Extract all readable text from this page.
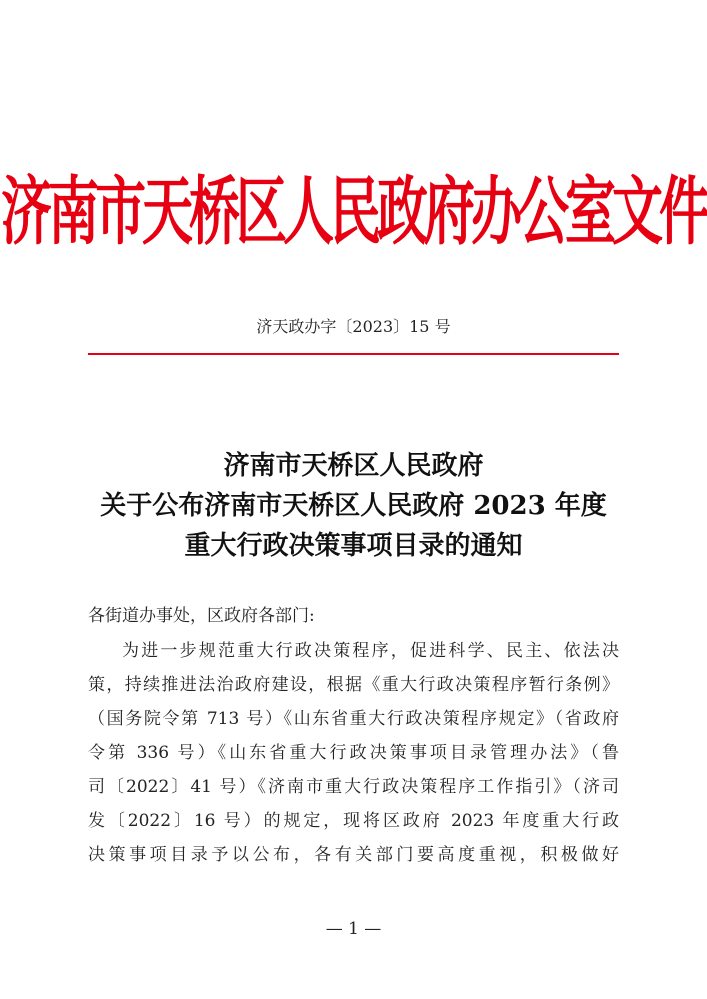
济南市天桥区人民政府办公室文件
济天政办字〔2023〕15 号
济南市天桥区人民政府
关于公布济南市天桥区人民政府 2023 年度
重大行政决策事项目录的通知
各街道办事处，区政府各部门:
为进一步规范重大行政决策程序，促进科学、民主、依法决
策，持续推进法治政府建设，根据《重大行政决策程序暂行条例》
（国务院令第 713 号）《山东省重大行政决策程序规定》（省政府
令第 336 号）《山东省重大行政决策事项目录管理办法》（鲁
司〔2022〕41 号）《济南市重大行政决策程序工作指引》（济司
发〔2022〕16 号）的规定，现将区政府 2023 年度重大行政
决策事项目录予以公布，各有关部门要高度重视，积极做好
— 1 —
